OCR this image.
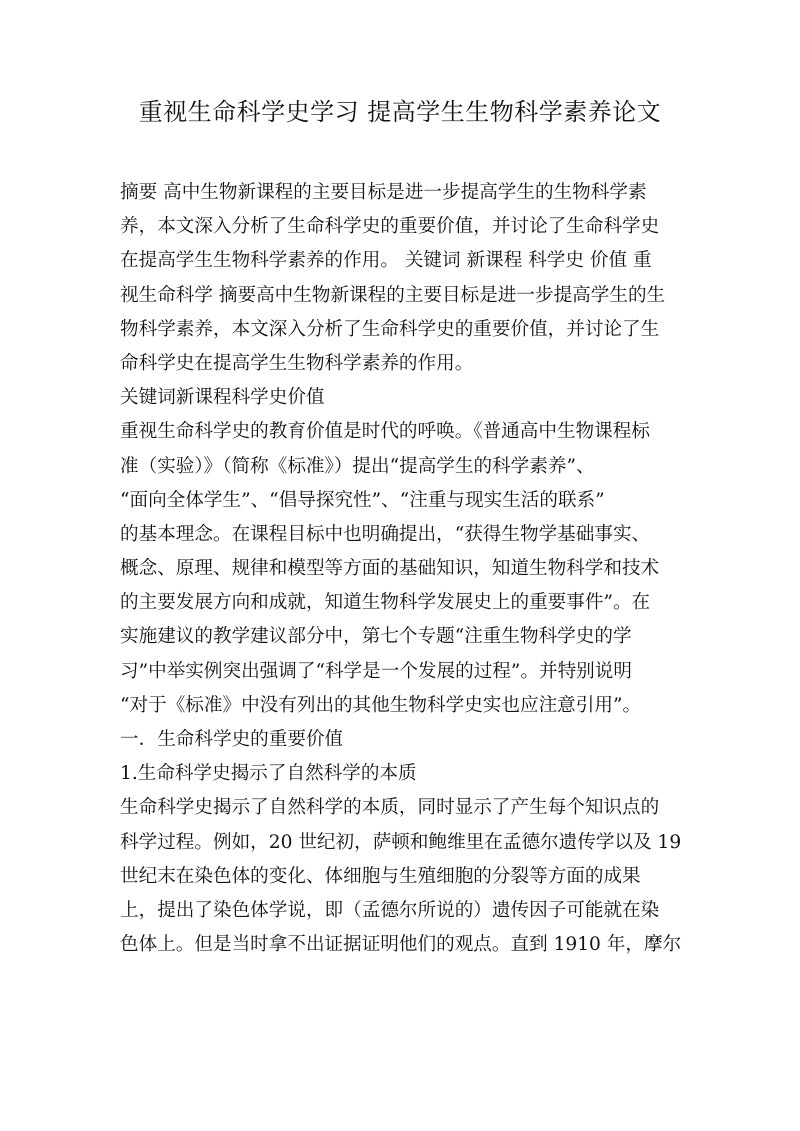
重视生命科学史学习 提高学生生物科学素养论文
摘要 高中生物新课程的主要目标是进一步提高学生的生物科学素
养，本文深入分析了生命科学史的重要价值，并讨论了生命科学史
在提高学生生物科学素养的作用。 关键词 新课程 科学史 价值 重
视生命科学 摘要高中生物新课程的主要目标是进一步提高学生的生
物科学素养，本文深入分析了生命科学史的重要价值，并讨论了生
命科学史在提高学生生物科学素养的作用。
关键词新课程科学史价值
重视生命科学史的教育价值是时代的呼唤。《普通高中生物课程标
准（实验）》（简称《标准》）提出“提高学生的科学素养”、
“面向全体学生”、“倡导探究性”、“注重与现实生活的联系”
的基本理念。在课程目标中也明确提出，“获得生物学基础事实、
概念、原理、规律和模型等方面的基础知识，知道生物科学和技术
的主要发展方向和成就，知道生物科学发展史上的重要事件”。在
实施建议的教学建议部分中，第七个专题“注重生物科学史的学
习”中举实例突出强调了“科学是一个发展的过程”。并特别说明
“对于《标准》中没有列出的其他生物科学史实也应注意引用”。
一．生命科学史的重要价值
1.生命科学史揭示了自然科学的本质
生命科学史揭示了自然科学的本质，同时显示了产生每个知识点的
科学过程。例如，20 世纪初，萨顿和鲍维里在孟德尔遗传学以及 19
世纪末在染色体的变化、体细胞与生殖细胞的分裂等方面的成果
上，提出了染色体学说，即（孟德尔所说的）遗传因子可能就在染
色体上。但是当时拿不出证据证明他们的观点。直到 1910 年，摩尔
